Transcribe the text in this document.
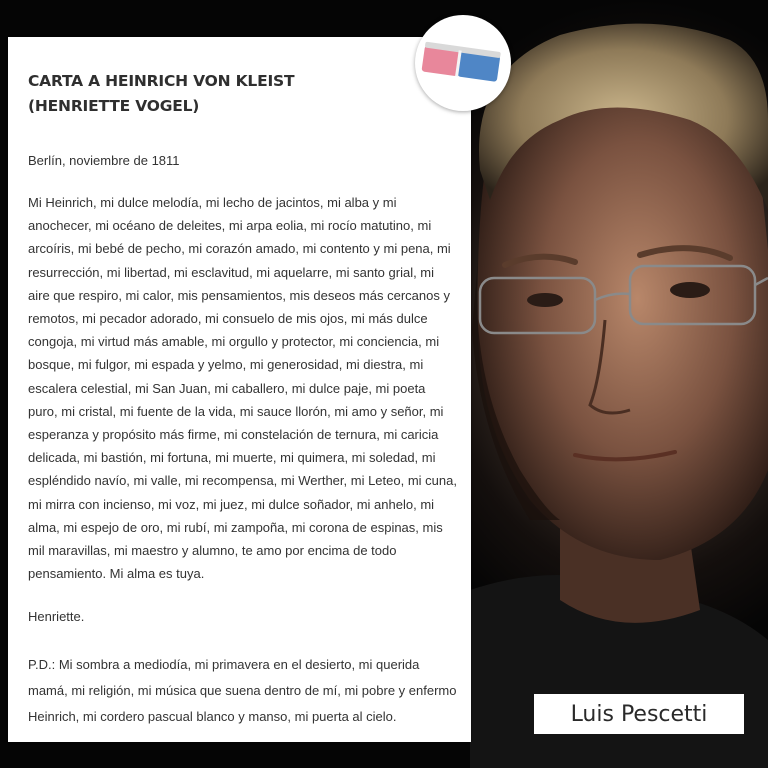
CARTA A HEINRICH VON KLEIST
(HENRIETTE VOGEL)
Berlín, noviembre de 1811
Mi Heinrich, mi dulce melodía, mi lecho de jacintos, mi alba y mi anochecer, mi océano de deleites, mi arpa eolia, mi rocío matutino, mi arcoíris, mi bebé de pecho, mi corazón amado, mi contento y mi pena, mi resurrección, mi libertad, mi esclavitud, mi aquelarre, mi santo grial, mi aire que respiro, mi calor, mis pensamientos, mis deseos más cercanos y remotos, mi pecador adorado, mi consuelo de mis ojos, mi más dulce congoja, mi virtud más amable, mi orgullo y protector, mi conciencia, mi bosque, mi fulgor, mi espada y yelmo, mi generosidad, mi diestra, mi escalera celestial, mi San Juan, mi caballero, mi dulce paje, mi poeta puro, mi cristal, mi fuente de la vida, mi sauce llorón, mi amo y señor, mi esperanza y propósito más firme, mi constelación de ternura, mi caricia delicada, mi bastión, mi fortuna, mi muerte, mi quimera, mi soledad, mi espléndido navío, mi valle, mi recompensa, mi Werther, mi Leteo, mi cuna, mi mirra con incienso, mi voz, mi juez, mi dulce soñador, mi anhelo, mi alma, mi espejo de oro, mi rubí, mi zampoña, mi corona de espinas, mis mil maravillas, mi maestro y alumno, te amo por encima de todo pensamiento. Mi alma es tuya.
Henriette.
P.D.: Mi sombra a mediodía, mi primavera en el desierto, mi querida mamá, mi religión, mi música que suena dentro de mí, mi pobre y enfermo Heinrich, mi cordero pascual blanco y manso, mi puerta al cielo.	Luis Pescetti
